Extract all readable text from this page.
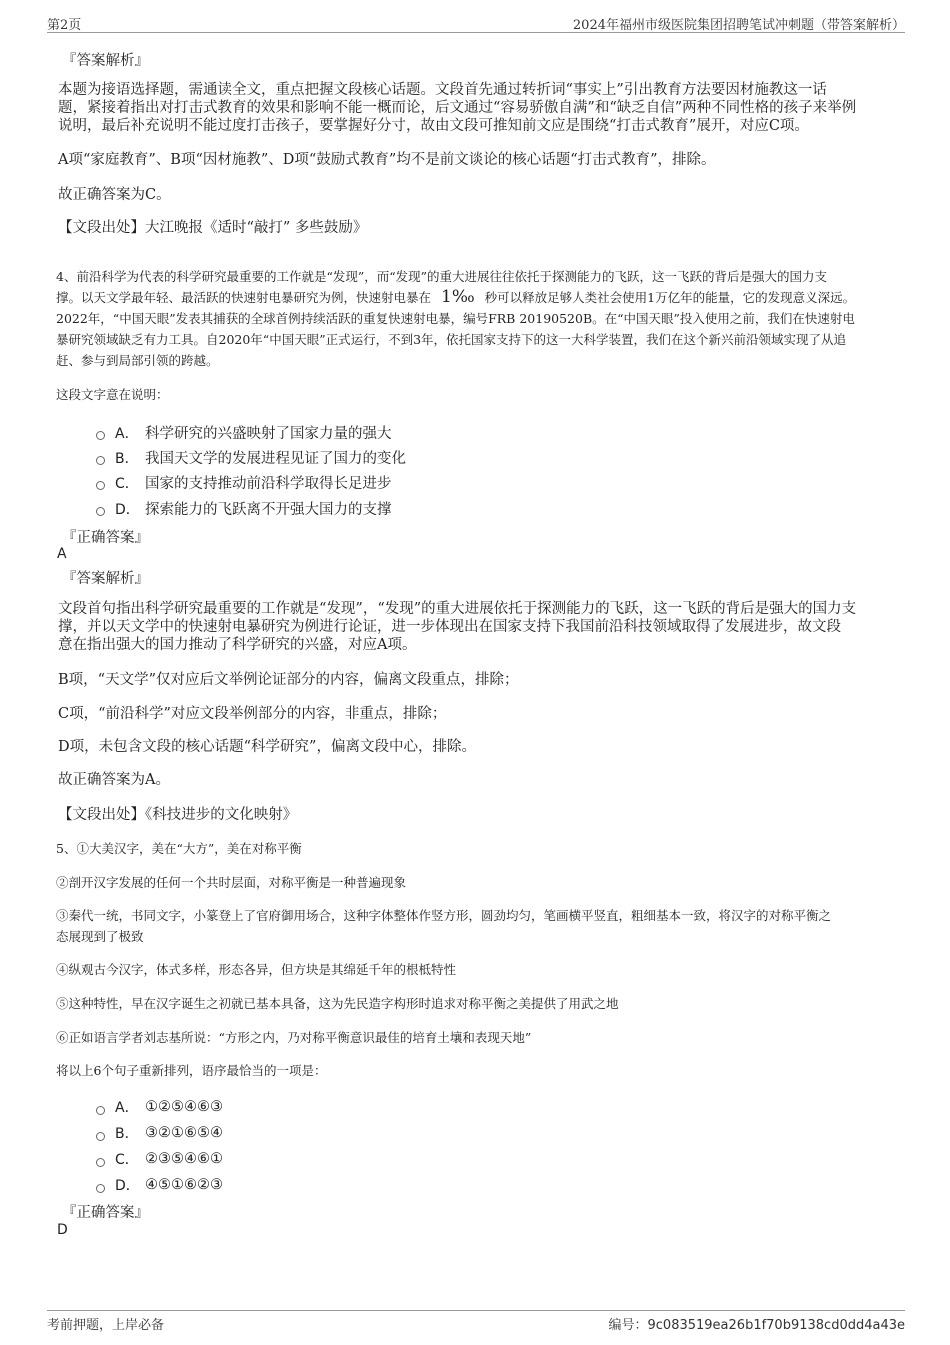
第2页	2024年福州市级医院集团招聘笔试冲刺题（带答案解析）
『答案解析』
本题为接语选择题，需通读全文，重点把握文段核心话题。文段首先通过转折词“事实上”引出教育方法要因材施教这一话
题，紧接着指出对打击式教育的效果和影响不能一概而论，后文通过“容易骄傲自满”和“缺乏自信”两种不同性格的孩子来举例
说明，最后补充说明不能过度打击孩子，要掌握好分寸，故由文段可推知前文应是围绕“打击式教育”展开，对应C项。
A项“家庭教育”、B项“因材施教”、D项“鼓励式教育”均不是前文谈论的核心话题“打击式教育”，排除。
故正确答案为C。
【文段出处】大江晚报《适时“敲打” 多些鼓励》
4、前沿科学为代表的科学研究最重要的工作就是“发现”，而“发现”的重大进展往往依托于探测能力的飞跃，这一飞跃的背后是强大的国力支
撑。以天文学最年轻、最活跃的快速射电暴研究为例，快速射电暴在 1‰ 秒可以释放足够人类社会使用1万亿年的能量，它的发现意义深远。
2022年，“中国天眼”发表其捕获的全球首例持续活跃的重复快速射电暴，编号FRB 20190520B。在“中国天眼”投入使用之前，我们在快速射电
暴研究领域缺乏有力工具。自2020年“中国天眼”正式运行，不到3年，依托国家支持下的这一大科学装置，我们在这个新兴前沿领域实现了从追
赶、参与到局部引领的跨越。
这段文字意在说明：
A． 科学研究的兴盛映射了国家力量的强大
B． 我国天文学的发展进程见证了国力的变化
C． 国家的支持推动前沿科学取得长足进步
D． 探索能力的飞跃离不开强大国力的支撑
『正确答案』
A
『答案解析』
文段首句指出科学研究最重要的工作就是“发现”，“发现”的重大进展依托于探测能力的飞跃，这一飞跃的背后是强大的国力支
撑，并以天文学中的快速射电暴研究为例进行论证，进一步体现出在国家支持下我国前沿科技领域取得了发展进步，故文段
意在指出强大的国力推动了科学研究的兴盛，对应A项。
B项，“天文学”仅对应后文举例论证部分的内容，偏离文段重点，排除；
C项，“前沿科学”对应文段举例部分的内容，非重点，排除；
D项，未包含文段的核心话题“科学研究”，偏离文段中心，排除。
故正确答案为A。
【文段出处】《科技进步的文化映射》
5、①大美汉字，美在“大方”，美在对称平衡
②剖开汉字发展的任何一个共时层面，对称平衡是一种普遍现象
③秦代一统，书同文字，小篆登上了官府御用场合，这种字体整体作竖方形，圆劲均匀，笔画横平竖直，粗细基本一致，将汉字的对称平衡之
态展现到了极致
④纵观古今汉字，体式多样，形态各异，但方块是其绵延千年的根柢特性
⑤这种特性，早在汉字诞生之初就已基本具备，这为先民造字构形时追求对称平衡之美提供了用武之地
⑥正如语言学者刘志基所说：“方形之内，乃对称平衡意识最佳的培育土壤和表现天地”
将以上6个句子重新排列，语序最恰当的一项是：
A． ①②⑤④⑥③
B． ③②①⑥⑤④
C． ②③⑤④⑥①
D． ④⑤①⑥②③
『正确答案』
D
考前押题，上岸必备	编号：9c083519ea26b1f70b9138cd0dd4a43e
